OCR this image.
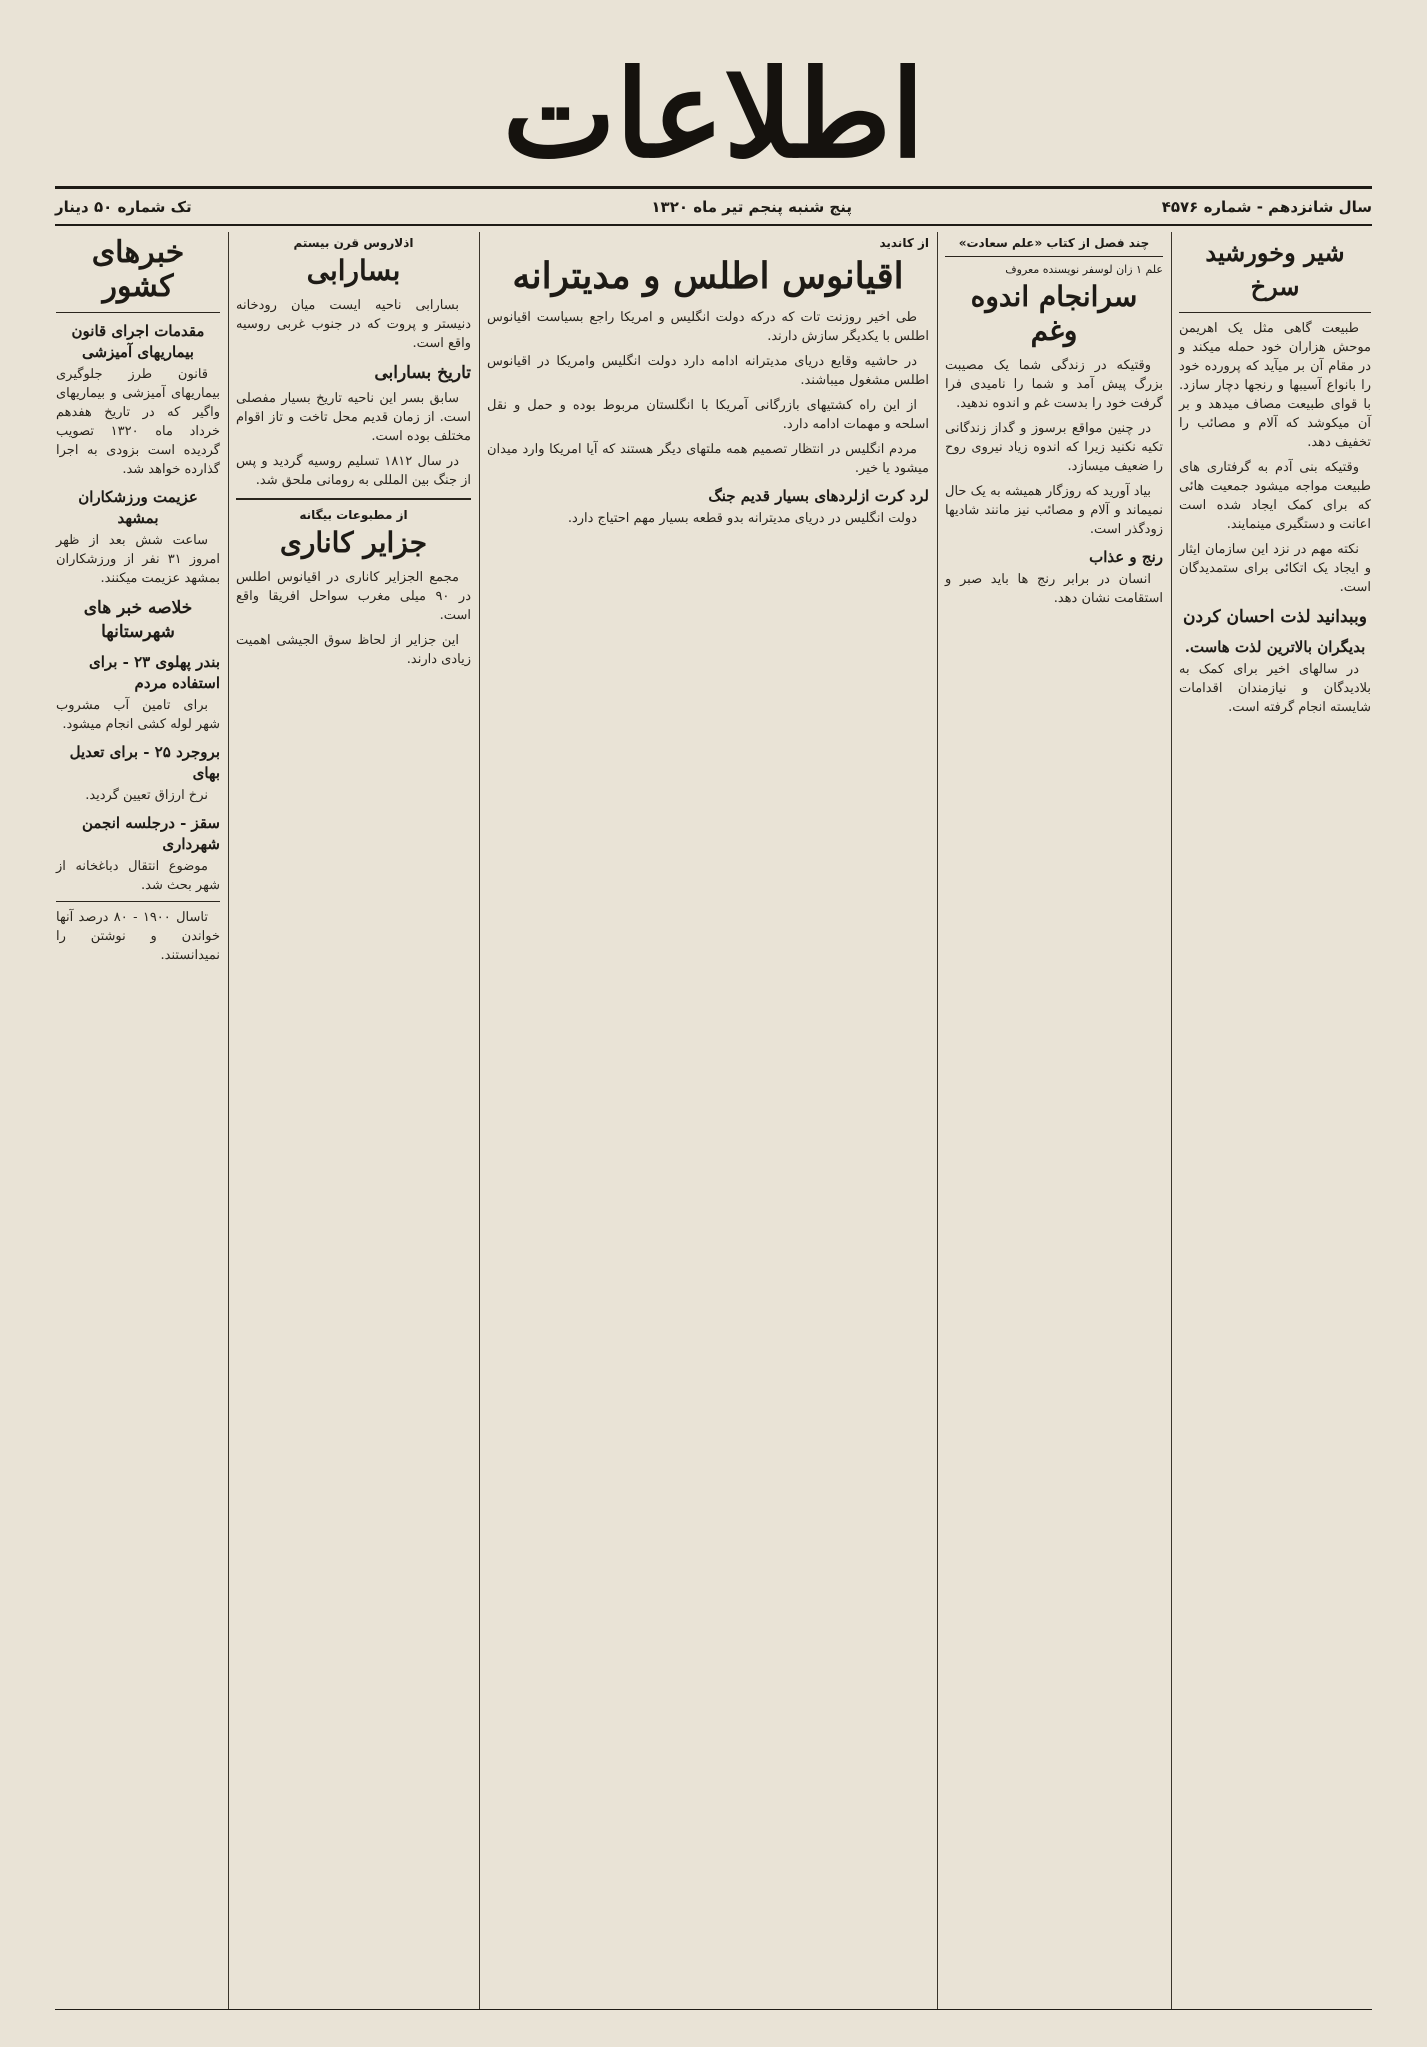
اطلاعات
سال شانزدهم - شماره ۴۵۷۶
پنج شنبه پنجم تیر ماه ۱۳۲۰
تک شماره ۵۰ دینار
شیر وخورشید سرخ

طبیعت گاهی مثل یک اهریمن موحش هزاران خود حمله میکند و در مقام آن بر میآید که پرورده خود را بانواع آسیبها و رنجها دچار سازد. با قوای طبیعت مصاف میدهد و بر آن میکوشد که آلام و مصائب را تخفیف دهد.

وقتیکه بنی آدم به گرفتاری های طبیعت مواجه میشود جمعیت هائی که برای کمک ایجاد شده است اعانت و دستگیری مینمایند.

نکته مهم در نزد این سازمان ایثار و ایجاد یک اتکائی برای ستمدیدگان است.

وببدانید لذت احسان کردن
بدیگران بالاترین لذت هاست.

در سالهای اخیر برای کمک به بلادیدگان و نیازمندان اقدامات شایسته انجام گرفته است.

چند فصل از کتاب «علم سعادت»
علم ۱ زان لوسفر نویسنده معروف
سرانجام اندوه وغم

وقتیکه در زندگی شما یک مصیبت بزرگ پیش آمد و شما را نامیدی فرا گرفت خود را بدست غم و اندوه ندهید.

در چنین مواقع برسوز و گداز زندگانی تکیه نکنید زیرا که اندوه زیاد نیروی روح را ضعیف میسازد.

بیاد آورید که روزگار همیشه به یک حال نمیماند و آلام و مصائب نیز مانند شادیها زودگذر است.

رنج و عذاب

انسان در برابر رنج ها باید صبر و استقامت نشان دهد.

از کاندید
اقیانوس اطلس و مدیترانه

طی اخیر روزنت تات که درکه دولت انگلیس و امریکا راجع بسیاست اقیانوس اطلس با یکدیگر سازش دارند.

در حاشیه وقایع دریای مدیترانه ادامه دارد دولت انگلیس وامریکا در اقیانوس اطلس مشغول میباشند.

از این راه کشتیهای بازرگانی آمریکا با انگلستان مربوط بوده و حمل و نقل اسلحه و مهمات ادامه دارد.

مردم انگلیس در انتظار تصمیم همه ملتهای دیگر هستند که آیا امریکا وارد میدان میشود یا خیر.

لرد کرت ازلردهای بسیار قدیم جنگ

دولت انگلیس در دریای مدیترانه بدو قطعه بسیار مهم احتیاج دارد.

اذلاروس قرن بیستم
بسارابی

بسارابی ناحیه ایست میان رودخانه دنیستر و پروت که در جنوب غربی روسیه واقع است.

تاریخ بسارابی

سابق بسر این ناحیه تاریخ بسیار مفصلی است. از زمان قدیم محل تاخت و تاز اقوام مختلف بوده است.

در سال ۱۸۱۲ تسلیم روسیه گردید و پس از جنگ بین المللی به رومانی ملحق شد.

از مطبوعات بیگانه
جزایر کاناری

مجمع الجزایر کاناری در اقیانوس اطلس در ۹۰ میلی مغرب سواحل افریقا واقع است.

این جزایر از لحاظ سوق الجیشی اهمیت زیادی دارند.

خبرهای کشور
مقدمات اجرای قانون بیماریهای آمیزشی

قانون طرز جلوگیری بیماریهای آمیزشی و بیماریهای واگیر که در تاریخ هفدهم خرداد ماه ۱۳۲۰ تصویب گردیده است بزودی به اجرا گذارده خواهد شد.

عزیمت ورزشکاران بمشهد

ساعت شش بعد از ظهر امروز ۳۱ نفر از ورزشکاران بمشهد عزیمت میکنند.

خلاصه خبر های شهرستانها
بندر پهلوی ۲۳ - برای استفاده مردم

برای تامین آب مشروب شهر لوله کشی انجام میشود.

بروجرد ۲۵ - برای تعدیل بهای

نرخ ارزاق تعیین گردید.

سقز - درجلسه انجمن شهرداری

موضوع انتقال دباغخانه از شهر بحث شد.

تاسال ۱۹۰۰ - ۸۰ درصد آنها خواندن و نوشتن را نمیدانستند.
